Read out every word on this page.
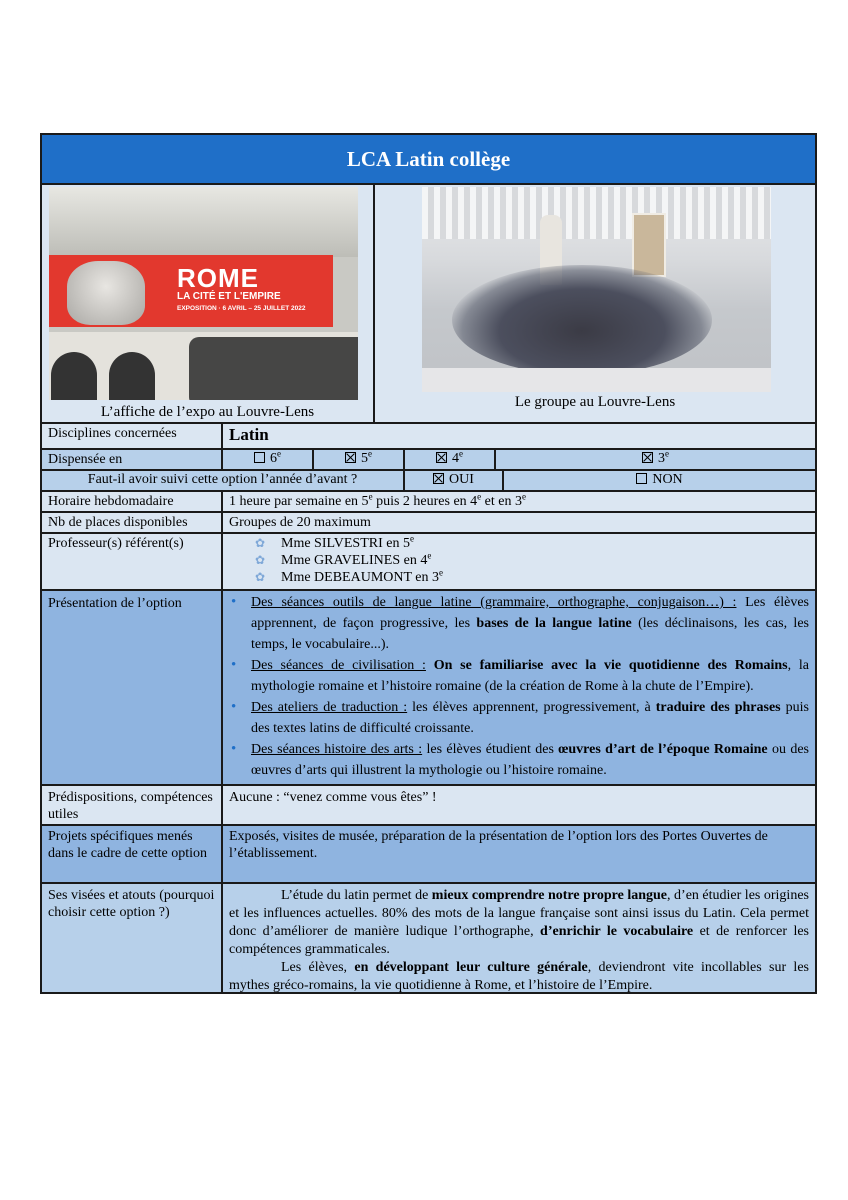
LCA Latin collège
ROME
LA CITÉ ET L'EMPIRE
EXPOSITION · 6 AVRIL – 25 JUILLET 2022
L’affiche de l’expo au Louvre-Lens
Le groupe au Louvre-Lens
Disciplines concernées	Latin
Dispensée en	6e	5e	4e	3e
Faut-il avoir suivi cette option l’année d’avant ?	OUI	NON
Horaire hebdomadaire	1 heure par semaine en 5e puis 2 heures en 4e et en 3e
Nb de places disponibles	Groupes de 20 maximum
Professeur(s) référent(s)	✿ Mme SILVESTRI en 5e
✿ Mme GRAVELINES en 4e
✿ Mme DEBEAUMONT en 3e
Présentation de l’option
•	Des séances outils de langue latine (grammaire, orthographe, conjugaison…) : Les élèves apprennent, de façon progressive, les bases de la langue latine (les déclinaisons, les cas, les temps, le vocabulaire...).
• Des séances de civilisation : On se familiarise avec la vie quotidienne des Romains, la mythologie romaine et l’histoire romaine (de la création de Rome à la chute de l’Empire).
• Des ateliers de traduction : les élèves apprennent, progressivement, à traduire des phrases puis des textes latins de difficulté croissante.
• Des séances histoire des arts : les élèves étudient des œuvres d’art de l’époque Romaine ou des œuvres d’arts qui illustrent la mythologie ou l’histoire romaine.
Prédispositions, compétences utiles
Aucune : “venez comme vous êtes” !
Projets spécifiques menés dans le cadre de cette option
Exposés, visites de musée, préparation de la présentation de l’option lors des Portes Ouvertes de l’établissement.
Ses visées et atouts (pourquoi choisir cette option ?)
L’étude du latin permet de mieux comprendre notre propre langue, d’en étudier les origines et les influences actuelles. 80% des mots de la langue française sont ainsi issus du Latin. Cela permet donc d’améliorer de manière ludique l’orthographe, d’enrichir le vocabulaire et de renforcer les compétences grammaticales.
Les élèves, en développant leur culture générale, deviendront vite incollables sur les mythes gréco-romains, la vie quotidienne à Rome, et l’histoire de l’Empire.
